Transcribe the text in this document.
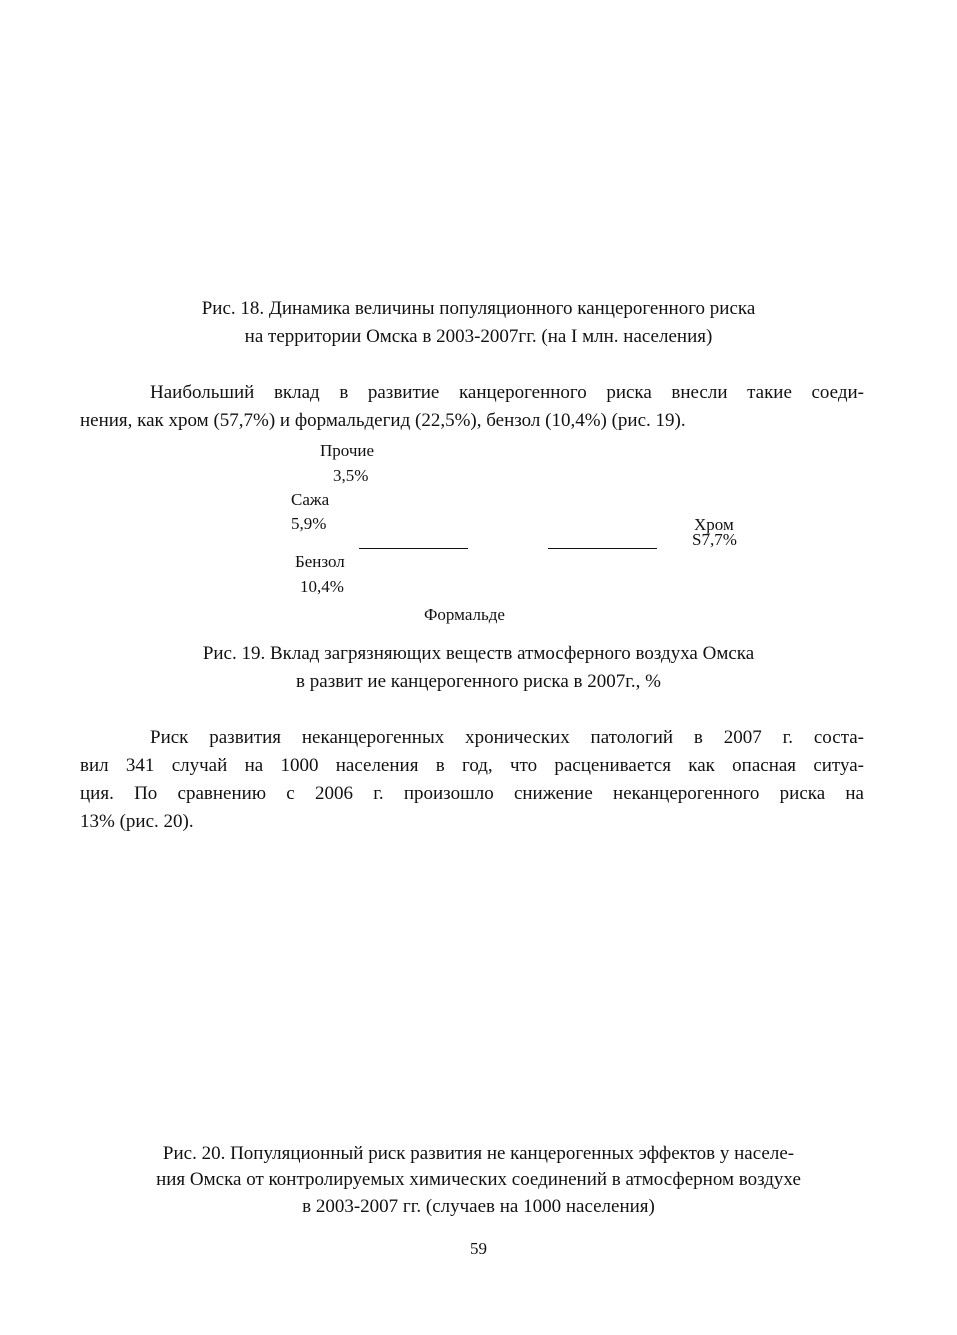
Рис. 18. Динамика величины популяционного канцерогенного риска
на территории Омска в 2003-2007гг. (на I млн. населения)
Наибольший вклад в развитие канцерогенного риска внесли такие соеди-
нения, как хром (57,7%) и формальдегид (22,5%), бензол (10,4%) (рис. 19).
Прочие
3,5%
Сажа
5,9%	Хром
S7,7%
Бензол
10,4%
Формальде
Рис. 19. Вклад загрязняющих веществ атмосферного воздуха Омска
в развит ие канцерогенного риска в 2007г., %
Риск развития неканцерогенных хронических патологий в 2007 г. соста-
вил 341 случай на 1000 населения в год, что расценивается как опасная ситуа-
ция. По сравнению с 2006 г. произошло снижение неканцерогенного риска на
13% (рис. 20).
Рис. 20. Популяционный риск развития не канцерогенных эффектов у населе-
ния Омска от контролируемых химических соединений в атмосферном воздухе
в 2003-2007 гг. (случаев на 1000 населения)
59
